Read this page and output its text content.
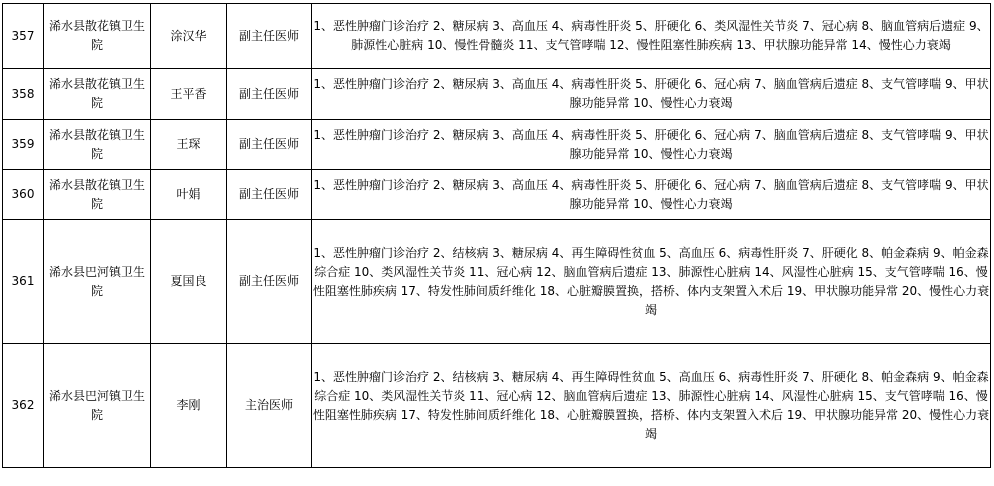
357	浠水县散花镇卫生院	涂汉华	副主任医师	1、恶性肿瘤门诊治疗 2、糖尿病 3、高血压 4、病毒性肝炎 5、肝硬化 6、类风湿性关节炎 7、冠心病 8、脑血管病后遗症 9、肺源性心脏病 10、慢性骨髓炎 11、支气管哮喘 12、慢性阻塞性肺疾病 13、甲状腺功能异常 14、慢性心力衰竭
358	浠水县散花镇卫生院	王平香	副主任医师	1、恶性肿瘤门诊治疗 2、糖尿病 3、高血压 4、病毒性肝炎 5、肝硬化 6、冠心病 7、脑血管病后遗症 8、支气管哮喘 9、甲状腺功能异常 10、慢性心力衰竭
359	浠水县散花镇卫生院	王琛	副主任医师	1、恶性肿瘤门诊治疗 2、糖尿病 3、高血压 4、病毒性肝炎 5、肝硬化 6、冠心病 7、脑血管病后遗症 8、支气管哮喘 9、甲状腺功能异常 10、慢性心力衰竭
360	浠水县散花镇卫生院	叶娟	副主任医师	1、恶性肿瘤门诊治疗 2、糖尿病 3、高血压 4、病毒性肝炎 5、肝硬化 6、冠心病 7、脑血管病后遗症 8、支气管哮喘 9、甲状腺功能异常 10、慢性心力衰竭
361	浠水县巴河镇卫生院	夏国良	副主任医师	1、恶性肿瘤门诊治疗 2、结核病 3、糖尿病 4、再生障碍性贫血 5、高血压 6、病毒性肝炎 7、肝硬化 8、帕金森病 9、帕金森综合症 10、类风湿性关节炎 11、冠心病 12、脑血管病后遗症 13、肺源性心脏病 14、风湿性心脏病 15、支气管哮喘 16、慢性阻塞性肺疾病 17、特发性肺间质纤维化 18、心脏瓣膜置换，搭桥、体内支架置入术后 19、甲状腺功能异常 20、慢性心力衰竭
362	浠水县巴河镇卫生院	李刚	主治医师	1、恶性肿瘤门诊治疗 2、结核病 3、糖尿病 4、再生障碍性贫血 5、高血压 6、病毒性肝炎 7、肝硬化 8、帕金森病 9、帕金森综合症 10、类风湿性关节炎 11、冠心病 12、脑血管病后遗症 13、肺源性心脏病 14、风湿性心脏病 15、支气管哮喘 16、慢性阻塞性肺疾病 17、特发性肺间质纤维化 18、心脏瓣膜置换，搭桥、体内支架置入术后 19、甲状腺功能异常 20、慢性心力衰竭
